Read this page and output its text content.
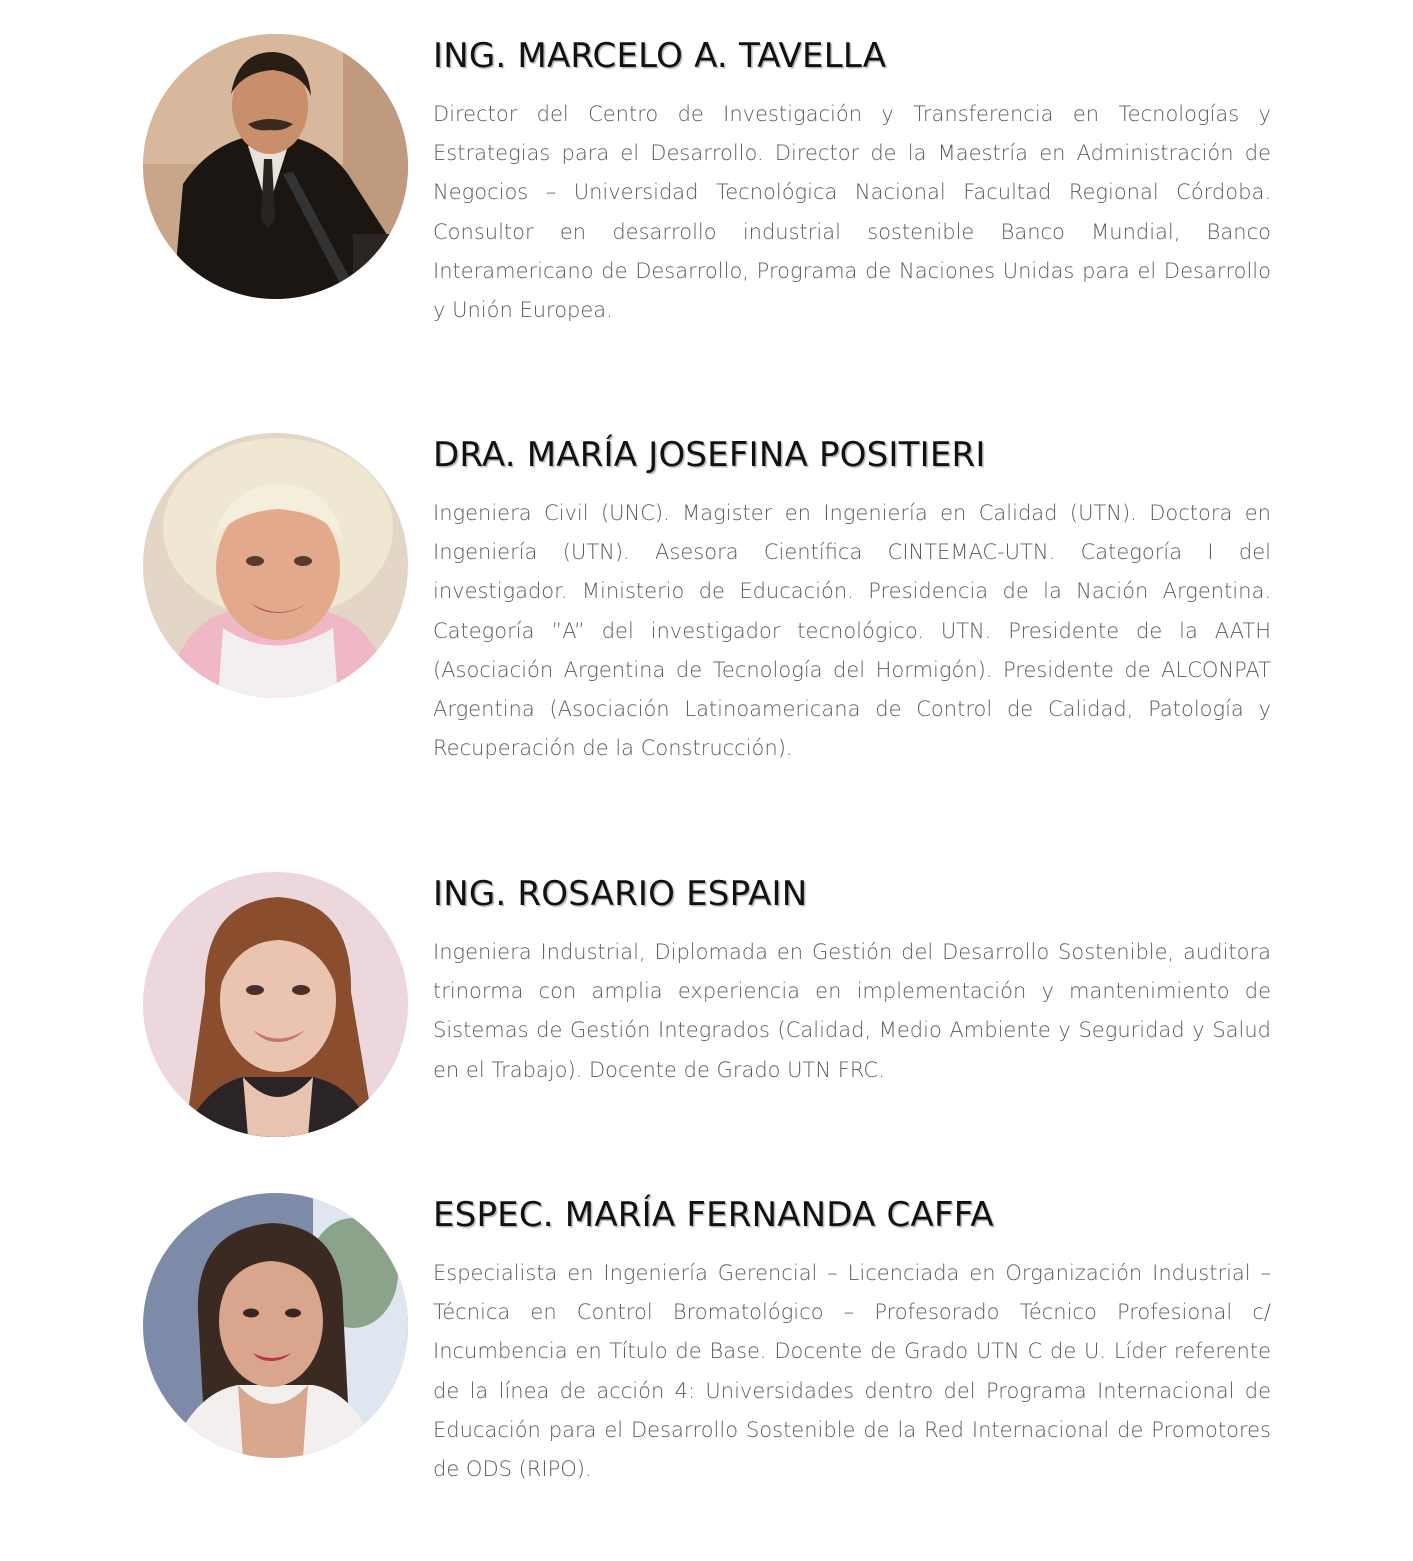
ING. MARCELO A. TAVELLA

Director del Centro de Investigación y Transferencia en Tecnologías y Estrategias para el Desarrollo. Director de la Maestría en Administración de Negocios – Universidad Tecnológica Nacional Facultad Regional Córdoba. Consultor en desarrollo industrial sostenible Banco Mundial, Banco Interamericano de Desarrollo, Programa de Naciones Unidas para el Desarrollo y Unión Europea.

DRA. MARÍA JOSEFINA POSITIERI

Ingeniera Civil (UNC). Magister en Ingeniería en Calidad (UTN). Doctora en Ingeniería (UTN). Asesora Científica CINTEMAC-UTN. Categoría I del investigador. Ministerio de Educación. Presidencia de la Nación Argentina. Categoría ”A” del investigador tecnológico. UTN. Presidente de la AATH (Asociación Argentina de Tecnología del Hormigón). Presidente de ALCONPAT Argentina (Asociación Latinoamericana de Control de Calidad, Patología y Recuperación de la Construcción).

ING. ROSARIO ESPAIN

Ingeniera Industrial, Diplomada en Gestión del Desarrollo Sostenible, auditora trinorma con amplia experiencia en implementación y mantenimiento de Sistemas de Gestión Integrados (Calidad, Medio Ambiente y Seguridad y Salud en el Trabajo). Docente de Grado UTN FRC.

ESPEC. MARÍA FERNANDA CAFFA

Especialista en Ingeniería Gerencial – Licenciada en Organización Industrial – Técnica en Control Bromatológico – Profesorado Técnico Profesional c/ Incumbencia en Título de Base. Docente de Grado UTN C de U. Líder referente de la línea de acción 4: Universidades dentro del Programa Internacional de Educación para el Desarrollo Sostenible de la Red Internacional de Promotores de ODS (RIPO).
